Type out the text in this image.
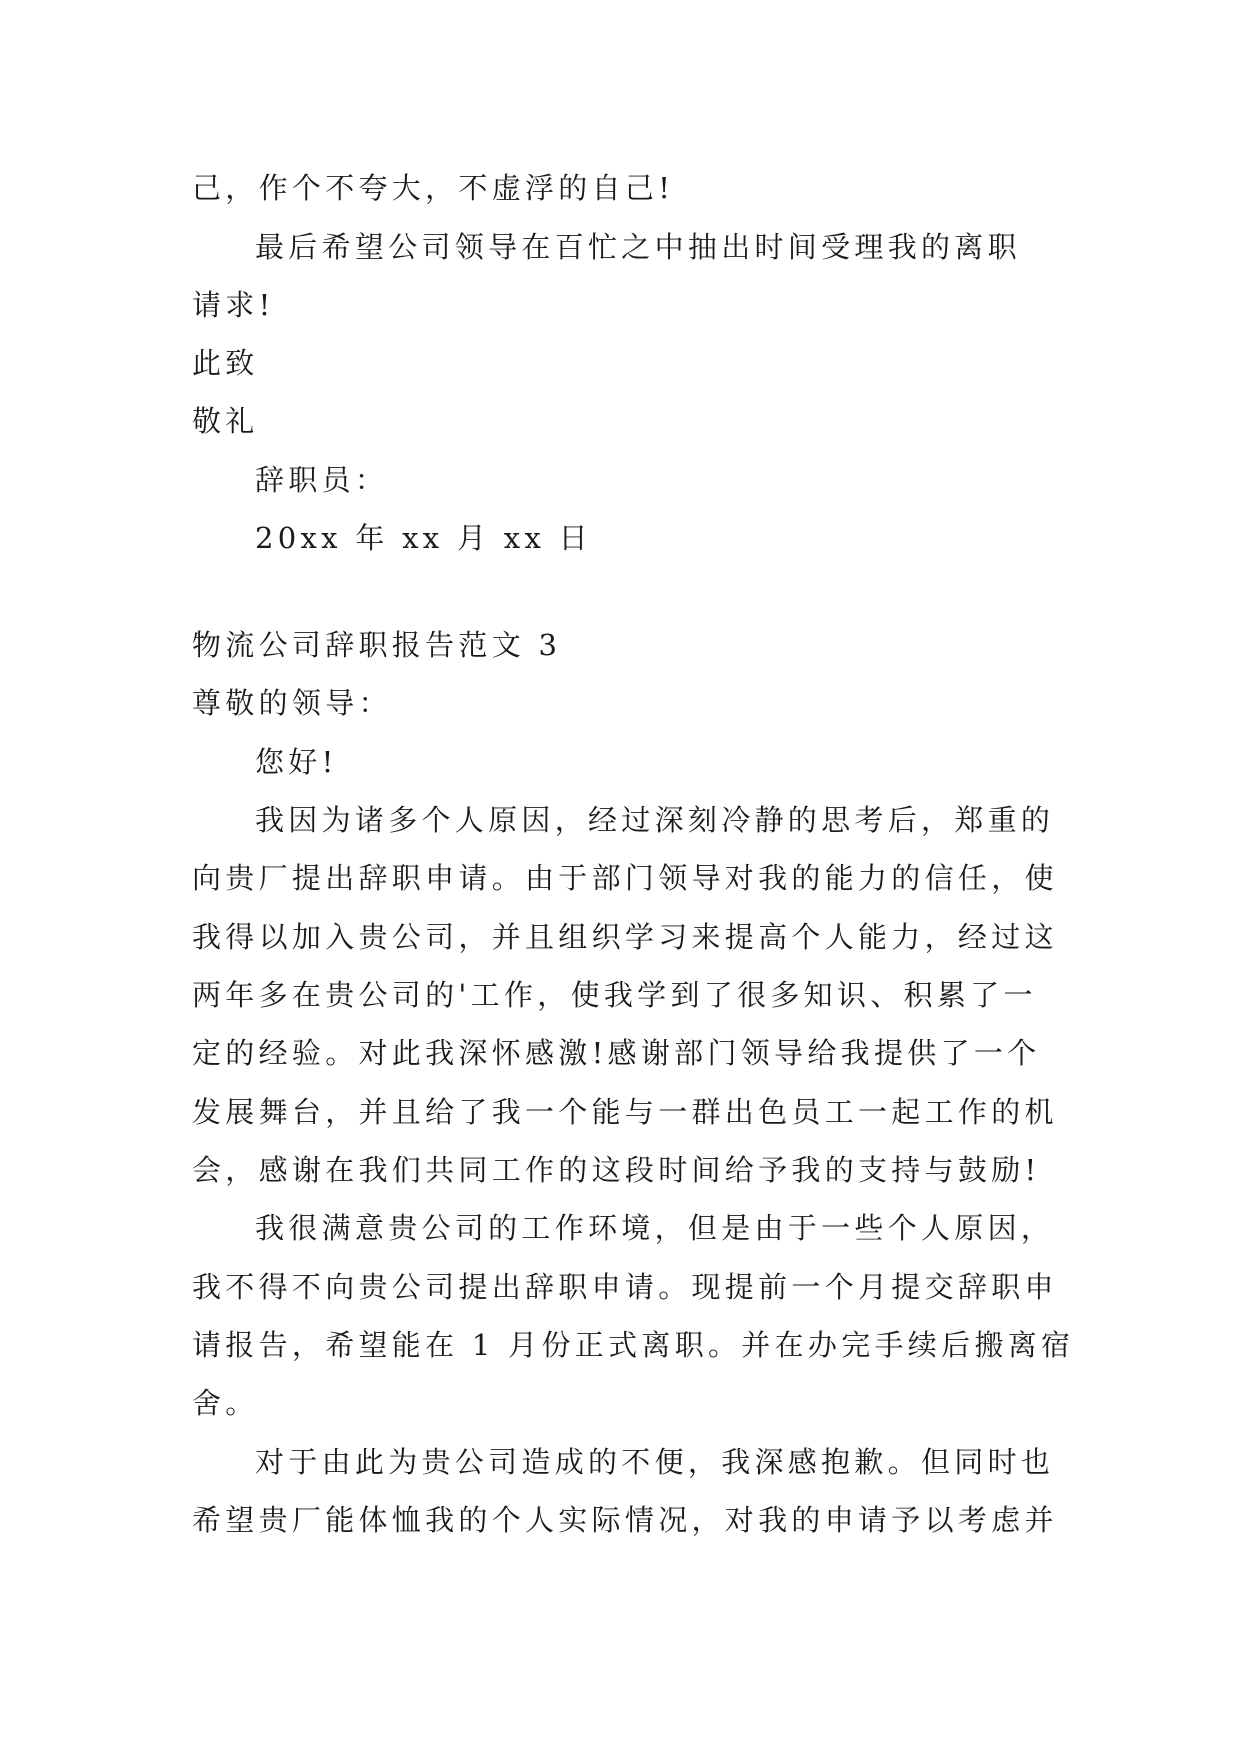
己，作个不夸大，不虚浮的自己!
最后希望公司领导在百忙之中抽出时间受理我的离职
请求!
此致
敬礼
辞职员：
20xx 年 xx 月 xx 日
物流公司辞职报告范文 3
尊敬的领导：
您好!
我因为诸多个人原因，经过深刻冷静的思考后，郑重的
向贵厂提出辞职申请。由于部门领导对我的能力的信任，使
我得以加入贵公司，并且组织学习来提高个人能力，经过这
两年多在贵公司的'工作，使我学到了很多知识、积累了一
定的经验。对此我深怀感激!感谢部门领导给我提供了一个
发展舞台，并且给了我一个能与一群出色员工一起工作的机
会，感谢在我们共同工作的这段时间给予我的支持与鼓励!
我很满意贵公司的工作环境，但是由于一些个人原因，
我不得不向贵公司提出辞职申请。现提前一个月提交辞职申
请报告，希望能在 1 月份正式离职。并在办完手续后搬离宿
舍。
对于由此为贵公司造成的不便，我深感抱歉。但同时也
希望贵厂能体恤我的个人实际情况，对我的申请予以考虑并
